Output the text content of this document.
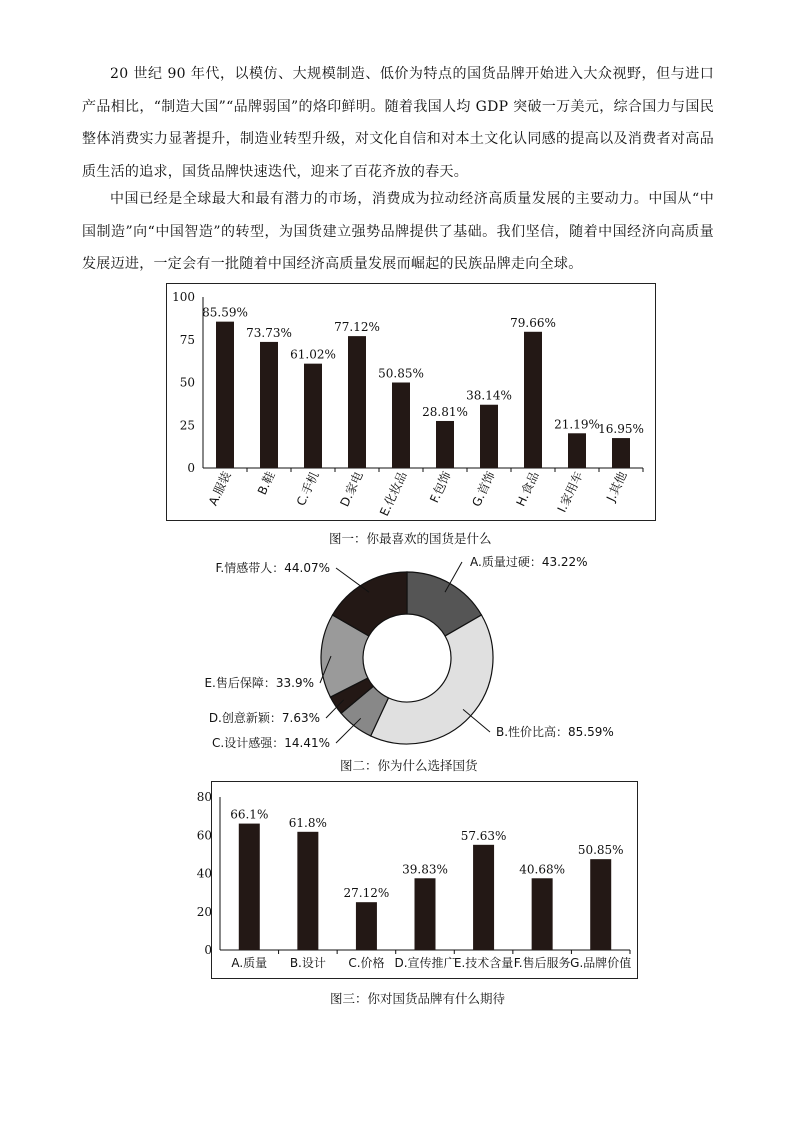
20 世纪 90 年代，以模仿、大规模制造、低价为特点的国货品牌开始进入大众视野，但与进口产品相比，“制造大国”“品牌弱国”的烙印鲜明。随着我国人均 GDP 突破一万美元，综合国力与国民整体消费实力显著提升，制造业转型升级，对文化自信和对本土文化认同感的提高以及消费者对高品质生活的追求，国货品牌快速迭代，迎来了百花齐放的春天。

中国已经是全球最大和最有潜力的市场，消费成为拉动经济高质量发展的主要动力。中国从“中国制造”向“中国智造”的转型，为国货建立强势品牌提供了基础。我们坚信，随着中国经济向高质量发展迈进，一定会有一批随着中国经济高质量发展而崛起的民族品牌走向全球。

0
25
50
75
100
85.59%
A.服装
73.73%
B.鞋
61.02%
C.手机
77.12%
D.家电
50.85%
E.化妆品
28.81%
F.包饰
38.14%
G.首饰
79.66%
H.食品
21.19%
I.家用车
16.95%
J.其他
图一：你最喜欢的国货是什么
A.质量过硬：43.22%
B.性价比高：85.59%
C.设计感强：14.41%
D.创意新颖：7.63%
E.售后保障：33.9%
F.情感带人：44.07%
图二：你为什么选择国货
0
20
40
60
80
66.1%
A.质量
61.8%
B.设计
27.12%
C.价格
39.83%
D.宣传推广
57.63%
E.技术含量
40.68%
F.售后服务
50.85%
G.品牌价值
图三：你对国货品牌有什么期待
